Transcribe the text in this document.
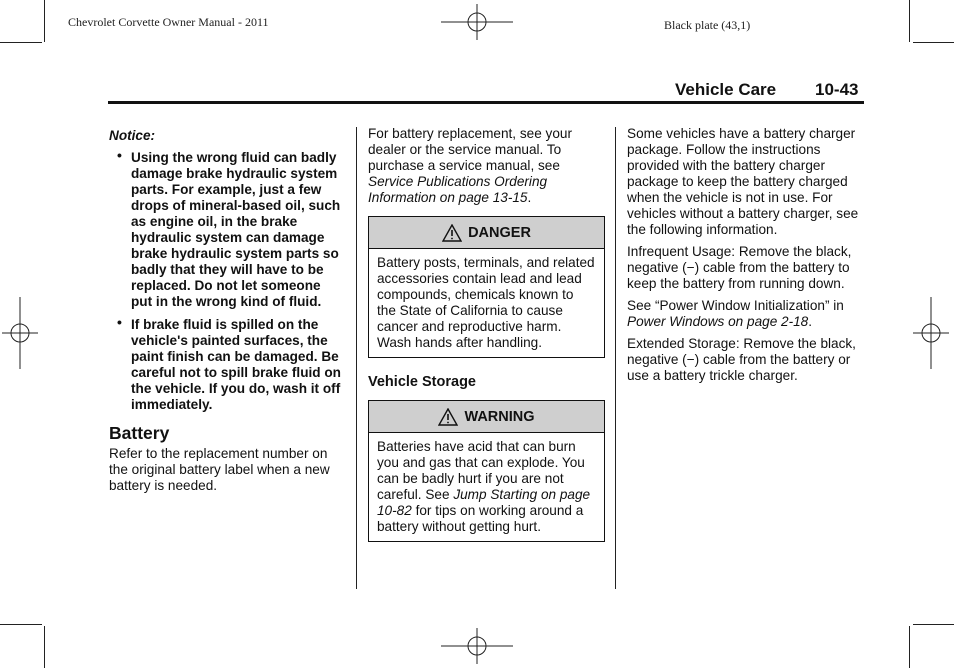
Chevrolet Corvette Owner Manual - 2011	Black plate (43,1)
Vehicle Care 10-43
Notice:
• Using the wrong fluid can badly damage brake hydraulic system parts. For example, just a few drops of mineral-based oil, such as engine oil, in the brake hydraulic system can damage brake hydraulic system parts so badly that they will have to be replaced. Do not let someone put in the wrong kind of fluid.
• If brake fluid is spilled on the vehicle's painted surfaces, the paint finish can be damaged. Be careful not to spill brake fluid on the vehicle. If you do, wash it off immediately.
Battery

Refer to the replacement number on the original battery label when a new battery is needed.

For battery replacement, see your dealer or the service manual. To purchase a service manual, see Service Publications Ordering Information on page 13-15.

DANGER
Battery posts, terminals, and related accessories contain lead and lead compounds, chemicals known to the State of California to cause cancer and reproductive harm. Wash hands after handling.
Vehicle Storage
WARNING
Batteries have acid that can burn you and gas that can explode. You can be badly hurt if you are not careful. See Jump Starting on page 10-82 for tips on working around a battery without getting hurt.

Some vehicles have a battery charger package. Follow the instructions provided with the battery charger package to keep the battery charged when the vehicle is not in use. For vehicles without a battery charger, see the following information.

Infrequent Usage: Remove the black, negative (−) cable from the battery to keep the battery from running down.

See “Power Window Initialization” in Power Windows on page 2-18.

Extended Storage: Remove the black, negative (−) cable from the battery or use a battery trickle charger.
